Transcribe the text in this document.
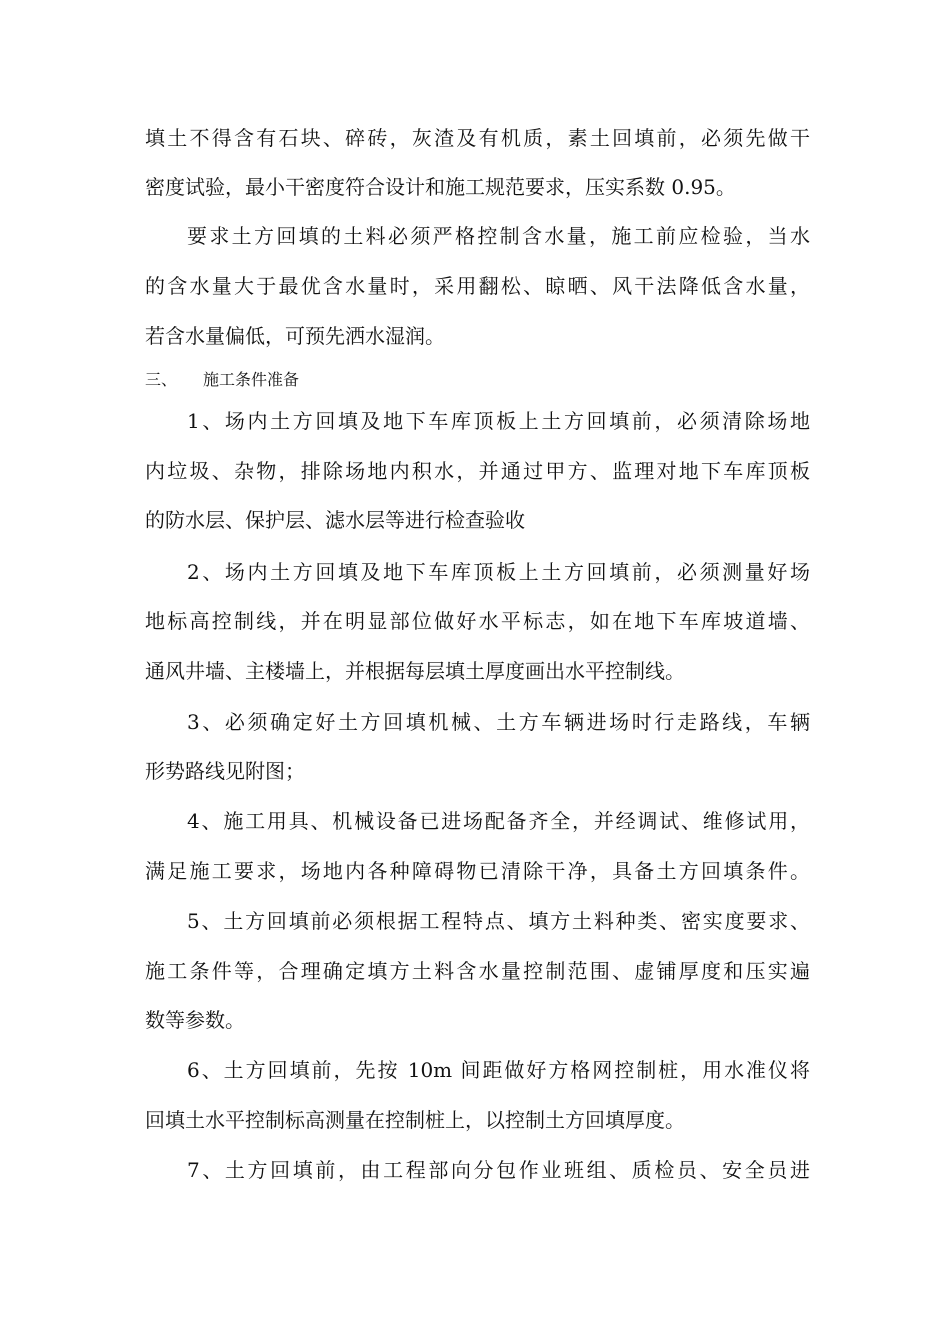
填土不得含有石块、碎砖，灰渣及有机质，素土回填前，必须先做干
密度试验，最小干密度符合设计和施工规范要求，压实系数 0.95。
要求土方回填的土料必须严格控制含水量，施工前应检验，当水
的含水量大于最优含水量时，采用翻松、晾晒、风干法降低含水量，
若含水量偏低，可预先洒水湿润。
三、 施工条件准备
1、场内土方回填及地下车库顶板上土方回填前，必须清除场地
内垃圾、杂物，排除场地内积水，并通过甲方、监理对地下车库顶板
的防水层、保护层、滤水层等进行检查验收
2、场内土方回填及地下车库顶板上土方回填前，必须测量好场
地标高控制线，并在明显部位做好水平标志，如在地下车库坡道墙、
通风井墙、主楼墙上，并根据每层填土厚度画出水平控制线。
3、必须确定好土方回填机械、土方车辆进场时行走路线，车辆
形势路线见附图；
4、施工用具、机械设备已进场配备齐全，并经调试、维修试用，
满足施工要求，场地内各种障碍物已清除干净，具备土方回填条件。
5、土方回填前必须根据工程特点、填方土料种类、密实度要求、
施工条件等，合理确定填方土料含水量控制范围、虚铺厚度和压实遍
数等参数。
6、土方回填前，先按 10m 间距做好方格网控制桩，用水准仪将
回填土水平控制标高测量在控制桩上，以控制土方回填厚度。
7、土方回填前，由工程部向分包作业班组、质检员、安全员进
